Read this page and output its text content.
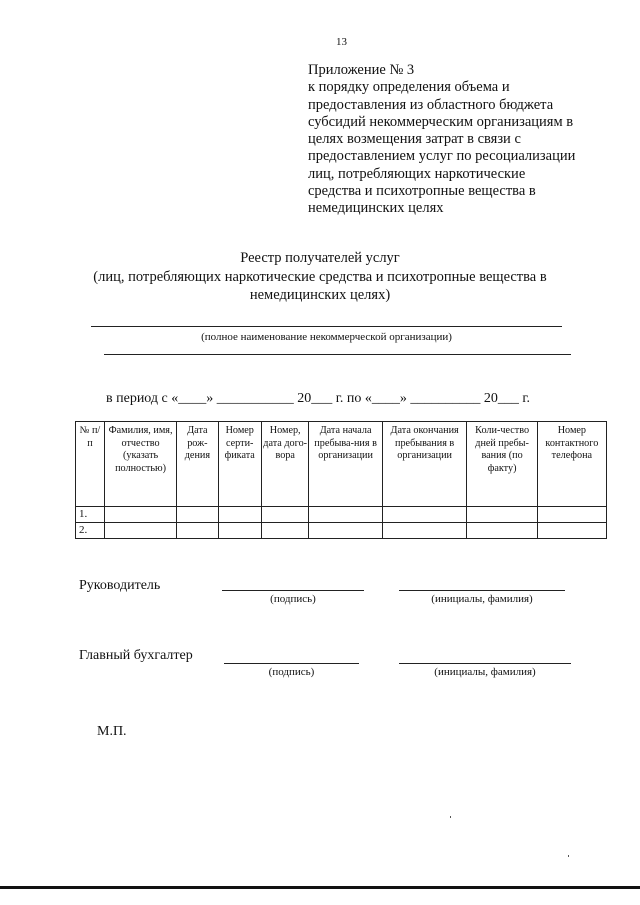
13
Приложение № 3
к порядку определения объема и
предоставления из областного бюджета
субсидий некоммерческим организациям в
целях возмещения затрат в связи с
предоставлением услуг по ресоциализации
лиц, потребляющих наркотические
средства и психотропные вещества в
немедицинских целях
Реестр получателей услуг
(лиц, потребляющих наркотические средства и психотропные вещества в
немедицинских целях)
(полное наименование некоммерческой организации)
в период с «____» ___________ 20___ г. по «____» __________ 20___ г.
№ п/п	Фамилия, имя, отчество (указать полностью)	Дата рож-дения	Номер серти-фиката	Номер, дата дого-вора	Дата начала пребыва-ния в организации	Дата окончания пребывания в организации	Коли-чество дней пребы-вания (по факту)	Номер контактного телефона
1.								
2.								
Руководитель
(подпись)	(инициалы, фамилия)
Главный бухгалтер
(подпись)	(инициалы, фамилия)
М.П.
